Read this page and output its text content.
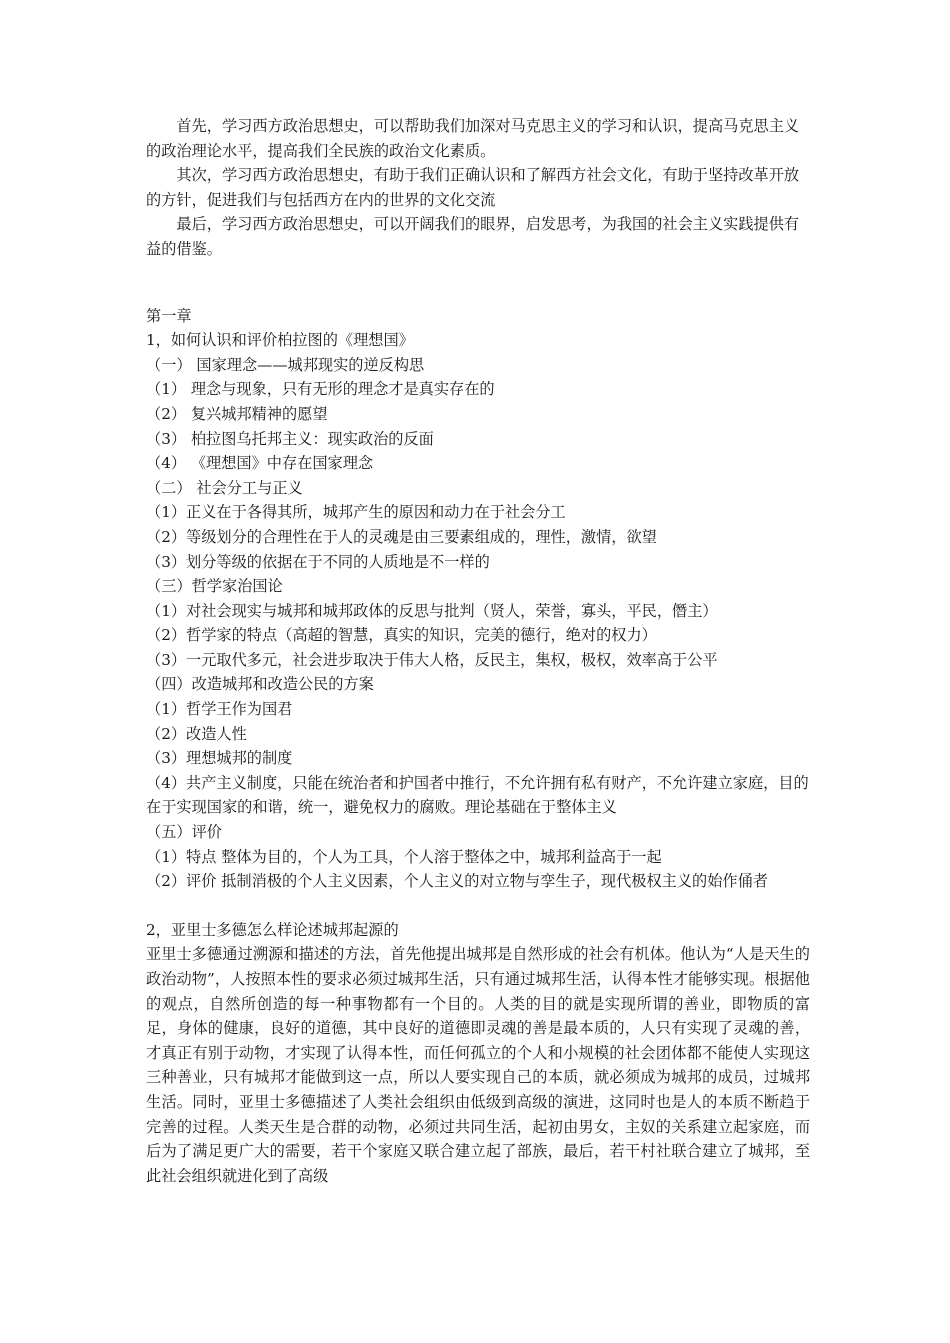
首先，学习西方政治思想史，可以帮助我们加深对马克思主义的学习和认识，提高马克思主义的政治理论水平，提高我们全民族的政治文化素质。

其次，学习西方政治思想史，有助于我们正确认识和了解西方社会文化，有助于坚持改革开放的方针，促进我们与包括西方在内的世界的文化交流

最后，学习西方政治思想史，可以开阔我们的眼界，启发思考，为我国的社会主义实践提供有益的借鉴。

第一章

1，如何认识和评价柏拉图的《理想国》

（一） 国家理念——城邦现实的逆反构思

（1） 理念与现象，只有无形的理念才是真实存在的

（2） 复兴城邦精神的愿望

（3） 柏拉图乌托邦主义：现实政治的反面

（4） 《理想国》中存在国家理念

（二） 社会分工与正义

（1）正义在于各得其所，城邦产生的原因和动力在于社会分工

（2）等级划分的合理性在于人的灵魂是由三要素组成的，理性，激情，欲望

（3）划分等级的依据在于不同的人质地是不一样的

（三）哲学家治国论

（1）对社会现实与城邦和城邦政体的反思与批判（贤人，荣誉，寡头，平民，僭主）

（2）哲学家的特点（高超的智慧，真实的知识，完美的德行，绝对的权力）

（3）一元取代多元，社会进步取决于伟大人格，反民主，集权，极权，效率高于公平

（四）改造城邦和改造公民的方案

（1）哲学王作为国君

（2）改造人性

（3）理想城邦的制度

（4）共产主义制度，只能在统治者和护国者中推行，不允许拥有私有财产，不允许建立家庭，目的在于实现国家的和谐，统一，避免权力的腐败。理论基础在于整体主义

（五）评价

（1）特点 整体为目的，个人为工具，个人溶于整体之中，城邦利益高于一起

（2）评价 抵制消极的个人主义因素，个人主义的对立物与孪生子，现代极权主义的始作俑者

2，亚里士多德怎么样论述城邦起源的

亚里士多德通过溯源和描述的方法，首先他提出城邦是自然形成的社会有机体。他认为“人是天生的政治动物”，人按照本性的要求必须过城邦生活，只有通过城邦生活，认得本性才能够实现。根据他的观点，自然所创造的每一种事物都有一个目的。人类的目的就是实现所谓的善业，即物质的富足，身体的健康，良好的道德，其中良好的道德即灵魂的善是最本质的，人只有实现了灵魂的善，才真正有别于动物，才实现了认得本性，而任何孤立的个人和小规模的社会团体都不能使人实现这三种善业，只有城邦才能做到这一点，所以人要实现自己的本质，就必须成为城邦的成员，过城邦生活。同时，亚里士多德描述了人类社会组织由低级到高级的演进，这同时也是人的本质不断趋于完善的过程。人类天生是合群的动物，必须过共同生活，起初由男女，主奴的关系建立起家庭，而后为了满足更广大的需要，若干个家庭又联合建立起了部族，最后，若干村社联合建立了城邦，至此社会组织就进化到了高级
